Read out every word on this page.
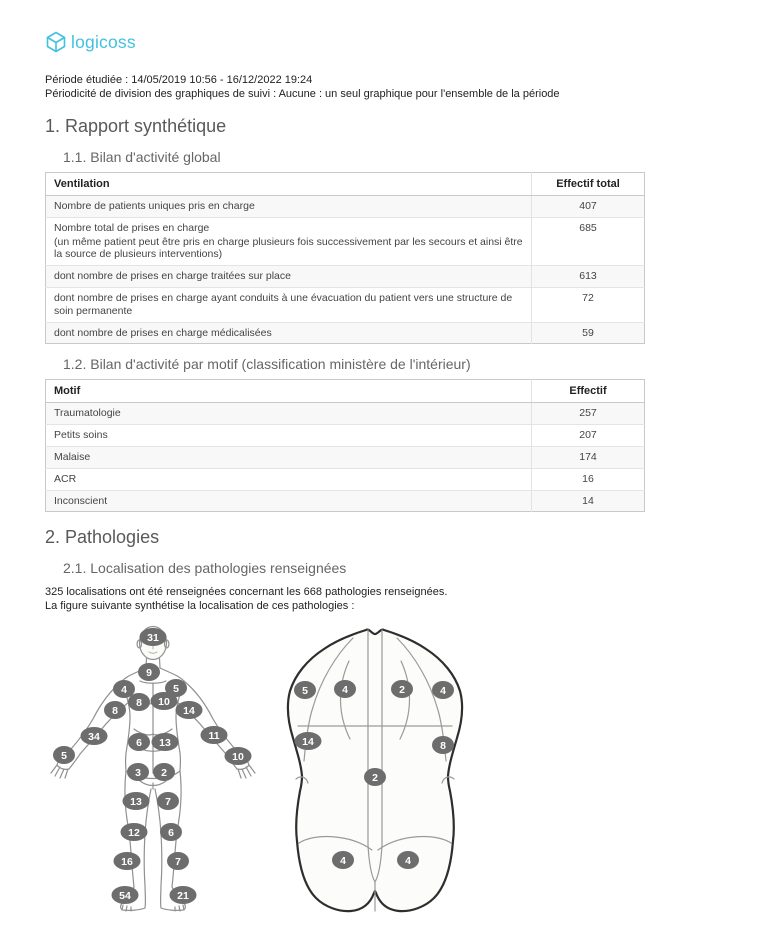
logicoss
Période étudiée : 14/05/2019 10:56 - 16/12/2022 19:24
Périodicité de division des graphiques de suivi : Aucune : un seul graphique pour l'ensemble de la période
1. Rapport synthétique
1.1. Bilan d'activité global
Ventilation	Effectif total

Nombre de patients uniques pris en charge	407

Nombre total de prises en charge
(un même patient peut être pris en charge plusieurs fois successivement par les secours et ainsi être la source de plusieurs interventions)	685

dont nombre de prises en charge traitées sur place	613

dont nombre de prises en charge ayant conduits à une évacuation du patient vers une structure de soin permanente	72

dont nombre de prises en charge médicalisées	59
1.2. Bilan d'activité par motif (classification ministère de l'intérieur)
Motif	Effectif

Traumatologie	257

Petits soins	207

Malaise	174

ACR	16

Inconscient	14
2. Pathologies
2.1. Localisation des pathologies renseignées
325 localisations ont été renseignées concernant les 668 pathologies renseignées.
La figure suivante synthétise la localisation de ces pathologies :
31
9
4	5
8 10
8	14
34	11
5	10
6 13
3 2
13 7
12	6
16	7
54	21
5	4	2	4
14	8
2
4	4
